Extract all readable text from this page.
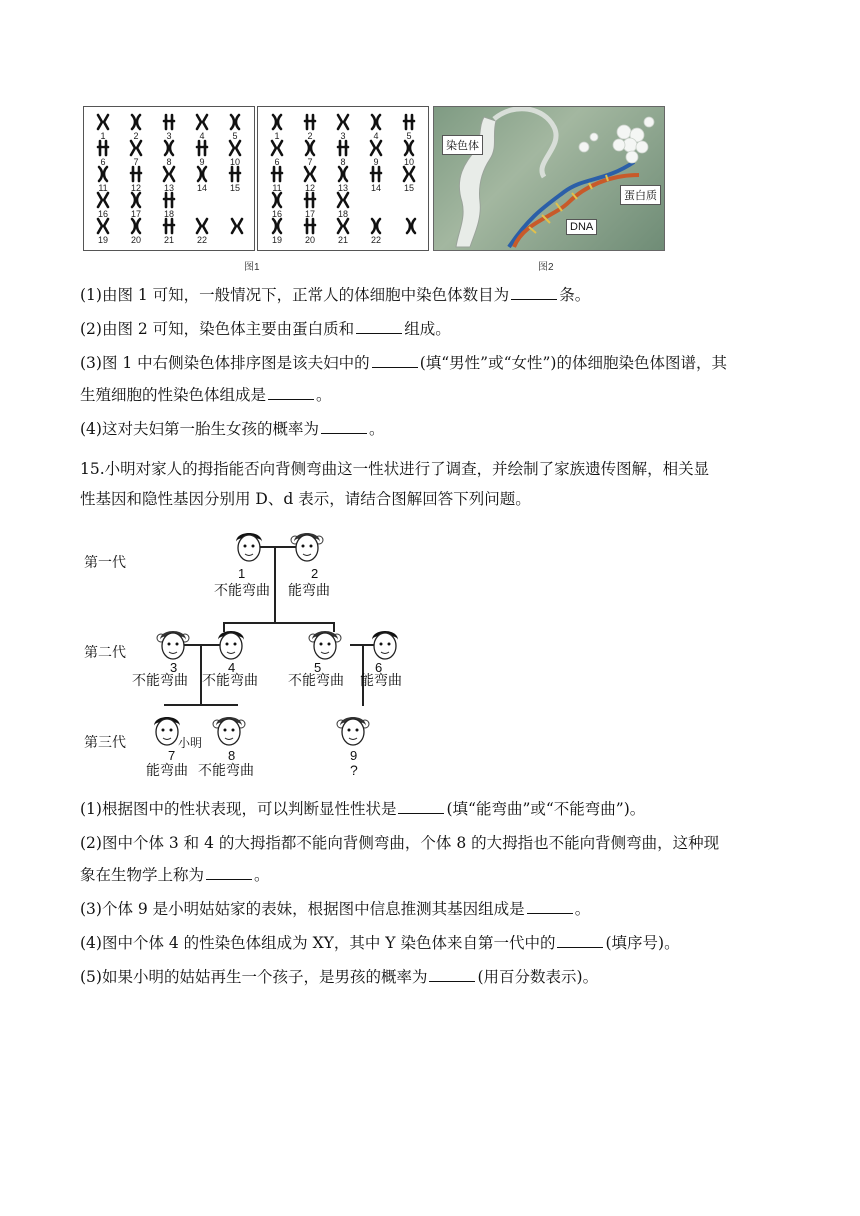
1	2	3	4	5
6	7	8	9	10
11	12	13	14	15
16	17	18
19	20	21	22
1	2	3	4	5
6	7	8	9	10
11	12	13	14	15
16	17	18
19	20	21	22
图1
染色体
蛋白质
DNA
图2
(1)由图 1 可知，一般情况下，正常人的体细胞中染色体数目为	条。
(2)由图 2 可知，染色体主要由蛋白质和	组成。
(3)图 1 中右侧染色体排序图是该夫妇中的	(填“男性”或“女性”)的体细胞染色体图谱，其
生殖细胞的性染色体组成是	。
(4)这对夫妇第一胎生女孩的概率为	。
15.小明对家人的拇指能否向背侧弯曲这一性状进行了调查，并绘制了家族遗传图解，相关显
性基因和隐性基因分别用 D、d 表示，请结合图解回答下列问题。
第一代
第二代
第三代
1
不能弯曲
2
能弯曲
3
不能弯曲
4
不能弯曲
5
不能弯曲
6
能弯曲
7
能弯曲
小明
8
不能弯曲
9
?
(1)根据图中的性状表现，可以判断显性性状是	(填“能弯曲”或“不能弯曲”)。
(2)图中个体 3 和 4 的大拇指都不能向背侧弯曲，个体 8 的大拇指也不能向背侧弯曲，这种现
象在生物学上称为	。
(3)个体 9 是小明姑姑家的表妹，根据图中信息推测其基因组成是	。
(4)图中个体 4 的性染色体组成为 XY，其中 Y 染色体来自第一代中的	(填序号)。
(5)如果小明的姑姑再生一个孩子，是男孩的概率为	(用百分数表示)。
